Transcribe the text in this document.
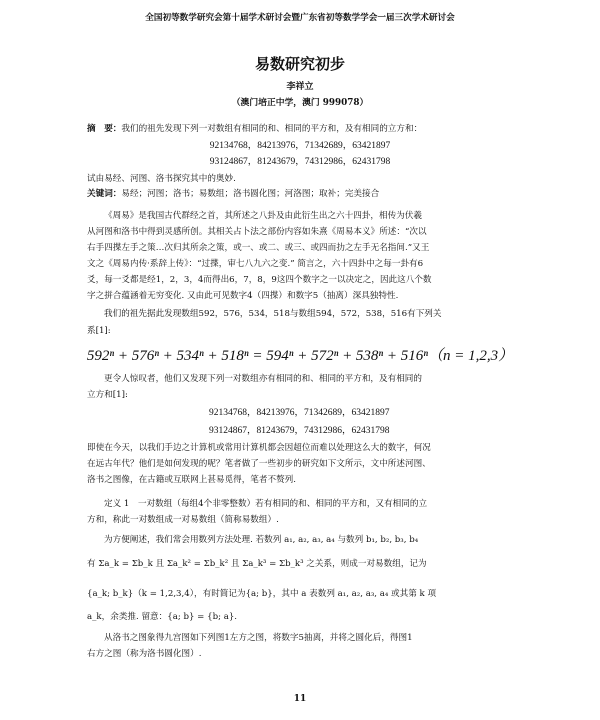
全国初等数学研究会第十届学术研讨会暨广东省初等数学学会一届三次学术研讨会
易数研究初步
李祥立
（澳门培正中学，澳门 999078）
摘　要：我们的祖先发现下列一对数组有相同的和、相同的平方和，及有相同的立方和：
92134768，84213976，71342689，63421897
93124867，81243679，74312986，62431798
试由易经、河图、洛书探究其中的奥妙.
关键词：易经；河图；洛书；易数组；洛书圆化图；河洛图；取补；完美接合
《周易》是我国古代群经之首，其所述之八卦及由此衍生出之六十四卦，相传为伏羲
从河图和洛书中得到灵感所创。其相关占卜法之部份内容如朱熹《周易本义》所述：“次以
右手四揲左手之策…次归其所余之策，或一、或二、或三、或四而扐之左手无名指间.”又王
文之《周易内传·系辞上传》：“过揲，审七八九六之变.” 简言之，六十四卦中之每一卦有6
爻，每一爻都是经1，2，3，4而得出6，7，8，9这四个数字之一以决定之，因此这八个数
字之拼合蕴涵着无穷变化. 又由此可见数字4（四揲）和数字5（抽离）深具独特性.
我们的祖先据此发现数组592，576，534，518与数组594，572，538，516有下列关
系[1]:
592ⁿ + 576ⁿ + 534ⁿ + 518ⁿ = 594ⁿ + 572ⁿ + 538ⁿ + 516ⁿ（n = 1,2,3）
更令人惊叹者，他们又发现下列一对数组亦有相同的和、相同的平方和，及有相同的
立方和[1]:
92134768，84213976，71342689，63421897
93124867，81243679，74312986，62431798
即使在今天，以我们手边之计算机或常用计算机都会因超位而难以处理这么大的数字，何况
在远古年代？他们是如何发现的呢？笔者做了一些初步的研究如下文所示，文中所述河图、
洛书之图像，在古籍或互联网上甚易觅得，笔者不赘列.
定义 1　一对数组（每组4个非零整数）若有相同的和、相同的平方和，又有相同的立
方和，称此一对数组成一对易数组（简称易数组）.
为方便阐述，我们常会用数列方法处理. 若数列 a₁, a₂, a₃, a₄ 与数列 b₁, b₂, b₃, b₄
有 Σa_k = Σb_k 且 Σa_k² = Σb_k² 且 Σa_k³ = Σb_k³ 之关系，则成一对易数组，记为
{a_k; b_k}（k = 1,2,3,4），有时简记为{a; b}，其中 a 表数列 a₁, a₂, a₃, a₄ 或其第 k 项
a_k，余类推. 留意：{a; b} = {b; a}.
从洛书之图象得九宫图如下列图1左方之图，将数字5抽离，并将之圆化后，得图1
右方之图（称为洛书圆化图）.
11
